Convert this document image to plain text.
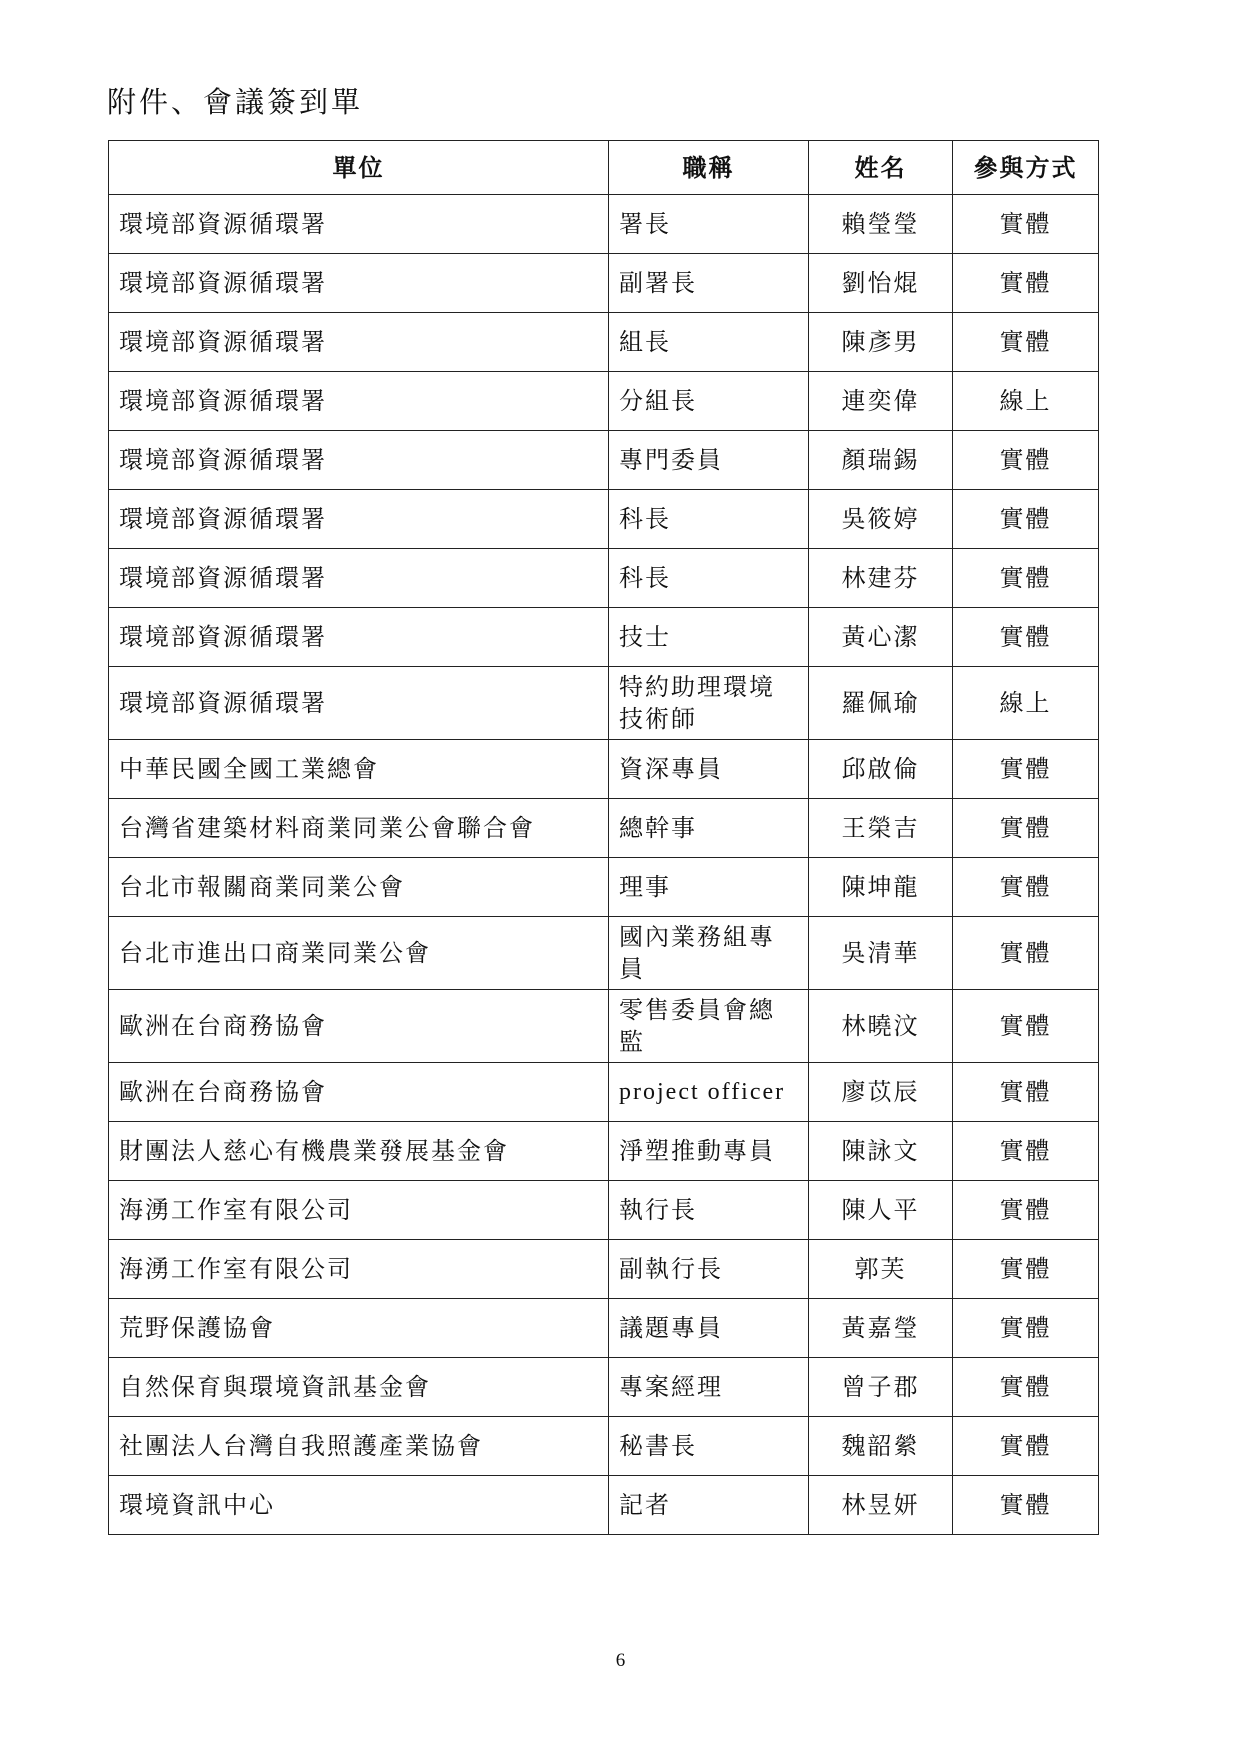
附件、會議簽到單
單位	職稱	姓名	參與方式
環境部資源循環署	署長	賴瑩瑩	實體
環境部資源循環署	副署長	劉怡焜	實體
環境部資源循環署	組長	陳彥男	實體
環境部資源循環署	分組長	連奕偉	線上
環境部資源循環署	專門委員	顏瑞錫	實體
環境部資源循環署	科長	吳筱婷	實體
環境部資源循環署	科長	林建芬	實體
環境部資源循環署	技士	黃心潔	實體
環境部資源循環署	特約助理環境技術師	羅佩瑜	線上
中華民國全國工業總會	資深專員	邱啟倫	實體
台灣省建築材料商業同業公會聯合會	總幹事	王榮吉	實體
台北市報關商業同業公會	理事	陳坤龍	實體
台北市進出口商業同業公會	國內業務組專員	吳清華	實體
歐洲在台商務協會	零售委員會總監	林曉汶	實體
歐洲在台商務協會	project officer	廖苡辰	實體
財團法人慈心有機農業發展基金會	淨塑推動專員	陳詠文	實體
海湧工作室有限公司	執行長	陳人平	實體
海湧工作室有限公司	副執行長	郭芙	實體
荒野保護協會	議題專員	黃嘉瑩	實體
自然保育與環境資訊基金會	專案經理	曾子郡	實體
社團法人台灣自我照護產業協會	秘書長	魏韶縈	實體
環境資訊中心	記者	林昱妍	實體
6
